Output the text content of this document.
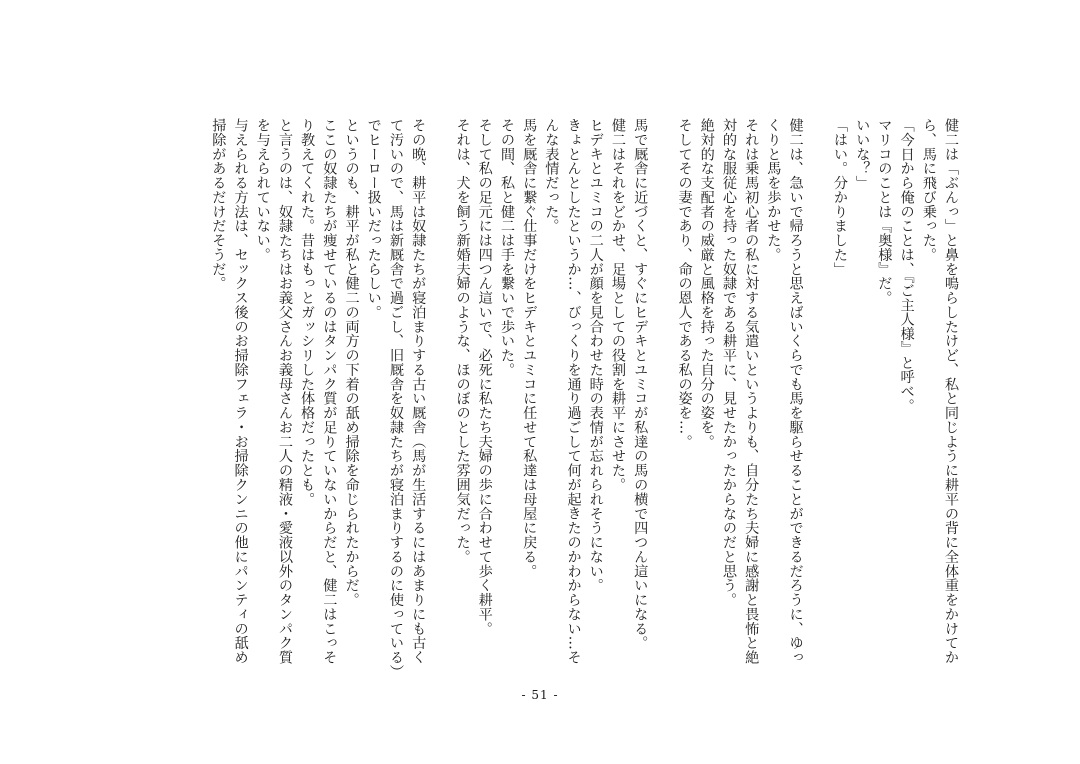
健二は「ぶんっ」と鼻を鳴らしたけど、私と同じように耕平の背に全体重をかけてから、馬に飛び乗った。

「今日から俺のことは、『ご主人様』と呼べ。

マリコのことは『奥様』だ。

いいな？」

「はい。分かりました」

健二は、急いで帰ろうと思えばいくらでも馬を駆らせることができるだろうに、ゆっくりと馬を歩かせた。

それは乗馬初心者の私に対する気遣いというよりも、自分たち夫婦に感謝と畏怖と絶対的な服従心を持った奴隷である耕平に、見せたかったからなのだと思う。

絶対的な支配者の威厳と風格を持った自分の姿を。

そしてその妻であり、命の恩人である私の姿を…。

馬で厩舎に近づくと、すぐにヒデキとユミコが私達の馬の横で四つん這いになる。

健二はそれをどかせ、足場としての役割を耕平にさせた。

ヒデキとユミコの二人が顔を見合わせた時の表情が忘れられそうにない。

きょとんとしたというか…、びっくりを通り過ごして何が起きたのかわからない…そんな表情だった。

馬を厩舎に繋ぐ仕事だけをヒデキとユミコに任せて私達は母屋に戻る。

その間、私と健二は手を繋いで歩いた。

そして私の足元には四つん這いで、必死に私たち夫婦の歩に合わせて歩く耕平。

それは、犬を飼う新婚夫婦のような、ほのぼのとした雰囲気だった。

その晩、耕平は奴隷たちが寝泊まりする古い厩舎（馬が生活するにはあまりにも古くて汚いので、馬は新厩舎で過ごし、旧厩舎を奴隷たちが寝泊まりするのに使っている）でヒーロー扱いだったらしい。

というのも、耕平が私と健二の両方の下着の舐め掃除を命じられたからだ。

ここの奴隷たちが痩せているのはタンパク質が足りていないからだと、健二はこっそり教えてくれた。昔はもっとガッシリした体格だったとも。

と言うのは、奴隷たちはお義父さんお義母さんお二人の精液・愛液以外のタンパク質を与えられていない。

与えられる方法は、セックス後のお掃除フェラ・お掃除クンニの他にパンティの舐め掃除があるだけだそうだ。

- 51 -
